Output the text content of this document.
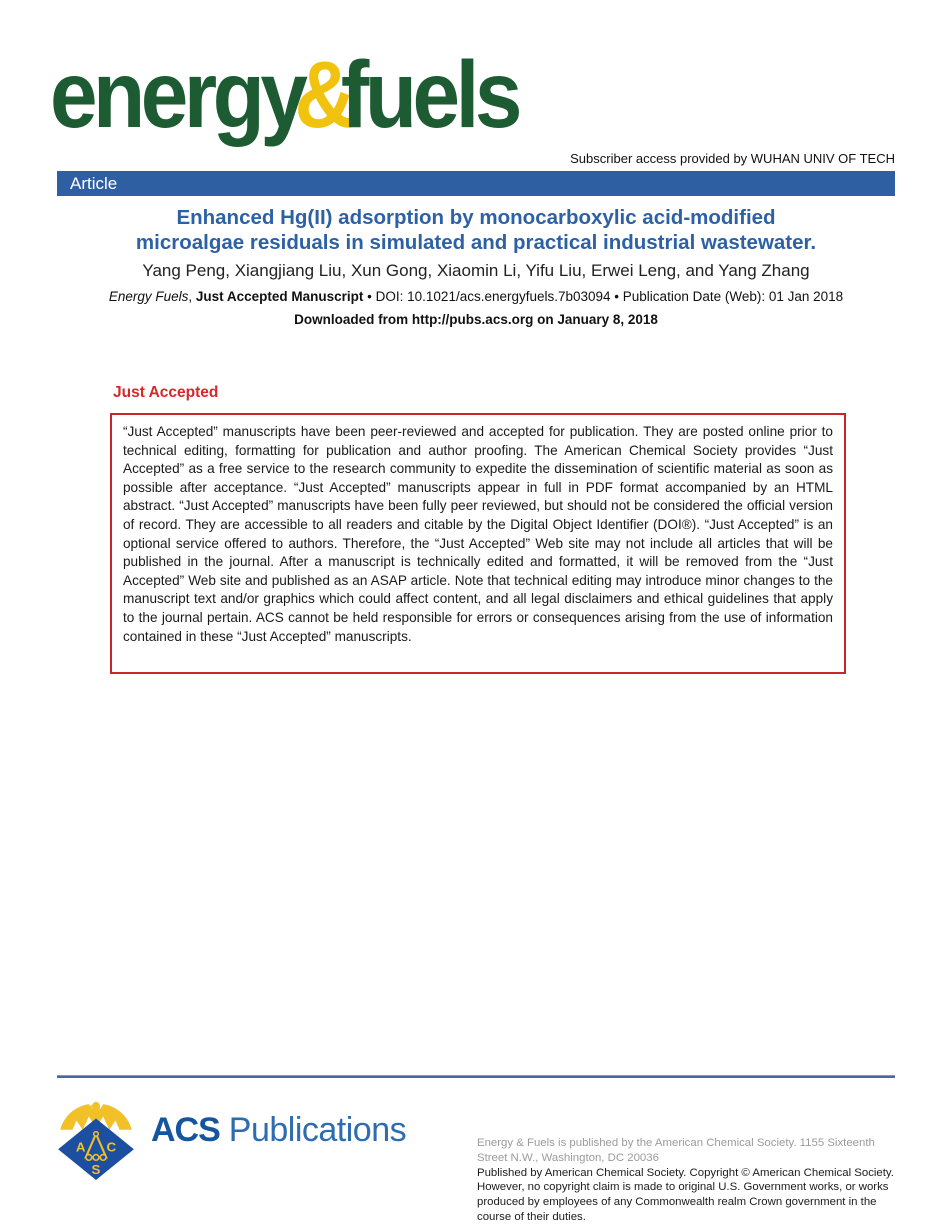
energy&fuels
Subscriber access provided by WUHAN UNIV OF TECH
Article
Enhanced Hg(II) adsorption by monocarboxylic acid-modified
microalgae residuals in simulated and practical industrial wastewater.
Yang Peng, Xiangjiang Liu, Xun Gong, Xiaomin Li, Yifu Liu, Erwei Leng, and Yang Zhang
Energy Fuels, Just Accepted Manuscript • DOI: 10.1021/acs.energyfuels.7b03094 • Publication Date (Web): 01 Jan 2018
Downloaded from http://pubs.acs.org on January 8, 2018
Just Accepted

“Just Accepted” manuscripts have been peer-reviewed and accepted for publication. They are posted online prior to technical editing, formatting for publication and author proofing. The American Chemical Society provides “Just Accepted” as a free service to the research community to expedite the dissemination of scientific material as soon as possible after acceptance. “Just Accepted” manuscripts appear in full in PDF format accompanied by an HTML abstract. “Just Accepted” manuscripts have been fully peer reviewed, but should not be considered the official version of record. They are accessible to all readers and citable by the Digital Object Identifier (DOI®). “Just Accepted” is an optional service offered to authors. Therefore, the “Just Accepted” Web site may not include all articles that will be published in the journal. After a manuscript is technically edited and formatted, it will be removed from the “Just Accepted” Web site and published as an ASAP article. Note that technical editing may introduce minor changes to the manuscript text and/or graphics which could affect content, and all legal disclaimers and ethical guidelines that apply to the journal pertain. ACS cannot be held responsible for errors or consequences arising from the use of information contained in these “Just Accepted” manuscripts.

A C
S
ACS Publications	Energy & Fuels is published by the American Chemical Society. 1155 Sixteenth Street N.W., Washington, DC 20036

Published by American Chemical Society. Copyright © American Chemical Society. However, no copyright claim is made to original U.S. Government works, or works produced by employees of any Commonwealth realm Crown government in the course of their duties.
